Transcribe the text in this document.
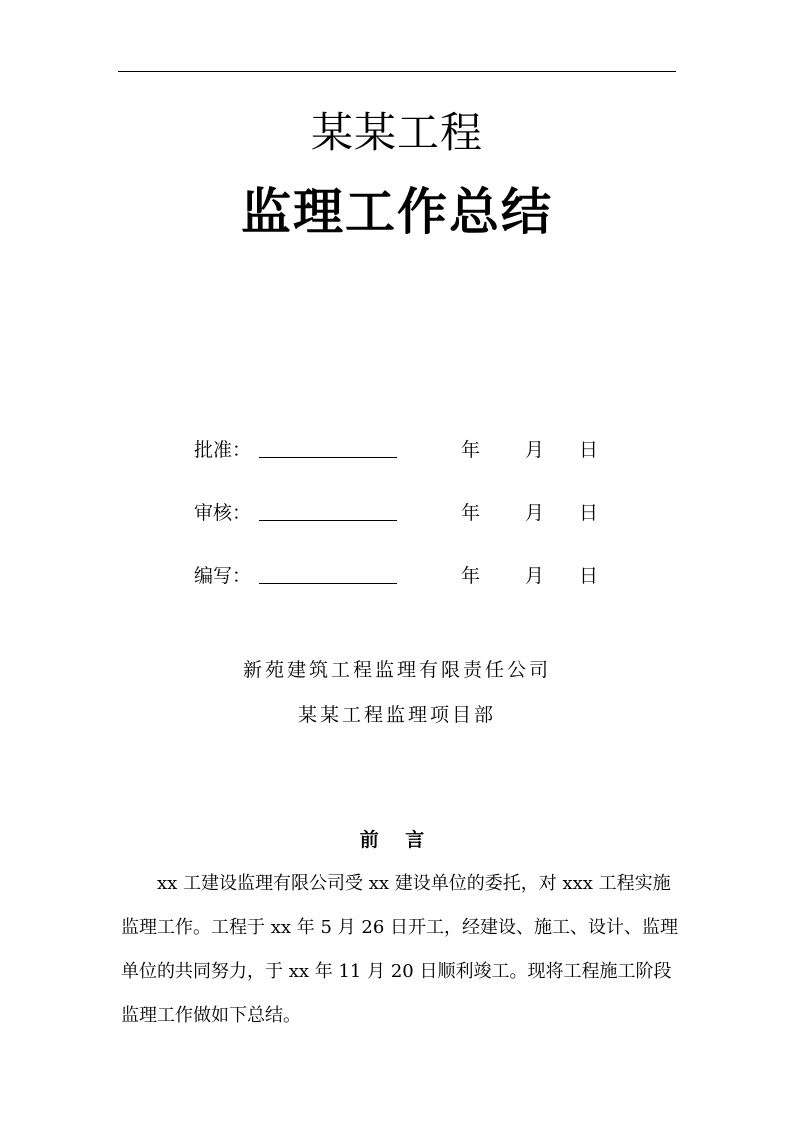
某某工程
监理工作总结
批准：	年 月 日
审核：	年 月 日
编写：	年 月 日
新苑建筑工程监理有限责任公司
某某工程监理项目部
前 言

xx 工建设监理有限公司受 xx 建设单位的委托，对 xxx 工程实施

监理工作。工程于 xx 年 5 月 26 日开工，经建设、施工、设计、监理
单位的共同努力，于 xx 年 11 月 20 日顺利竣工。现将工程施工阶段
监理工作做如下总结。
